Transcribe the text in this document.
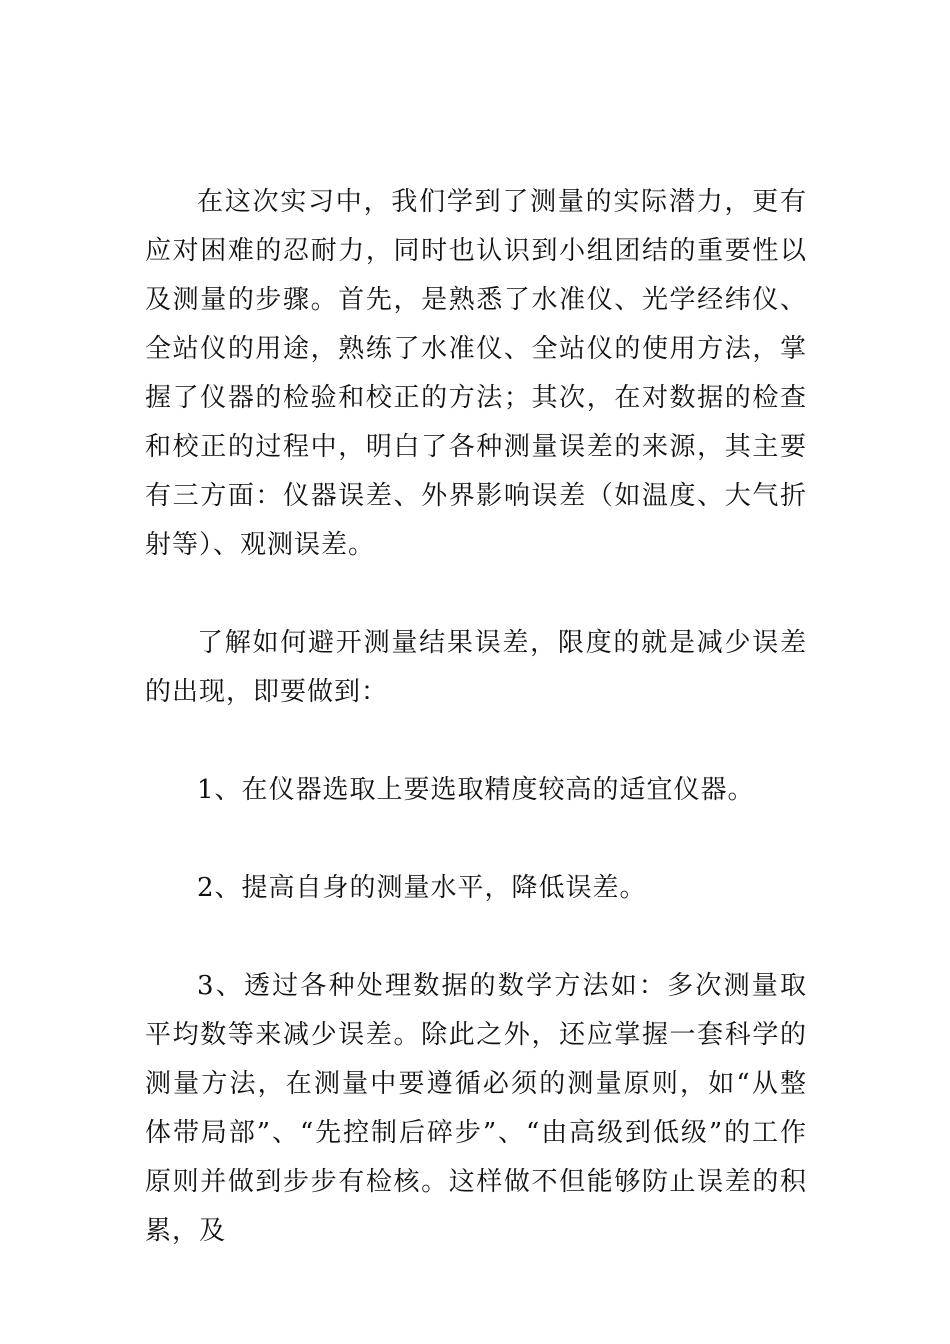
在这次实习中，我们学到了测量的实际潜力，更有应对困难的忍耐力，同时也认识到小组团结的重要性以及测量的步骤。首先，是熟悉了水准仪、光学经纬仪、全站仪的用途，熟练了水准仪、全站仪的使用方法，掌握了仪器的检验和校正的方法；其次，在对数据的检查和校正的过程中，明白了各种测量误差的来源，其主要有三方面：仪器误差、外界影响误差（如温度、大气折射等）、观测误差。

了解如何避开测量结果误差，限度的就是减少误差的出现，即要做到：

1、在仪器选取上要选取精度较高的适宜仪器。

2、提高自身的测量水平，降低误差。

3、透过各种处理数据的数学方法如：多次测量取平均数等来减少误差。除此之外，还应掌握一套科学的测量方法，在测量中要遵循必须的测量原则，如“从整体带局部”、“先控制后碎步”、“由高级到低级”的工作原则并做到步步有检核。这样做不但能够防止误差的积累，及
